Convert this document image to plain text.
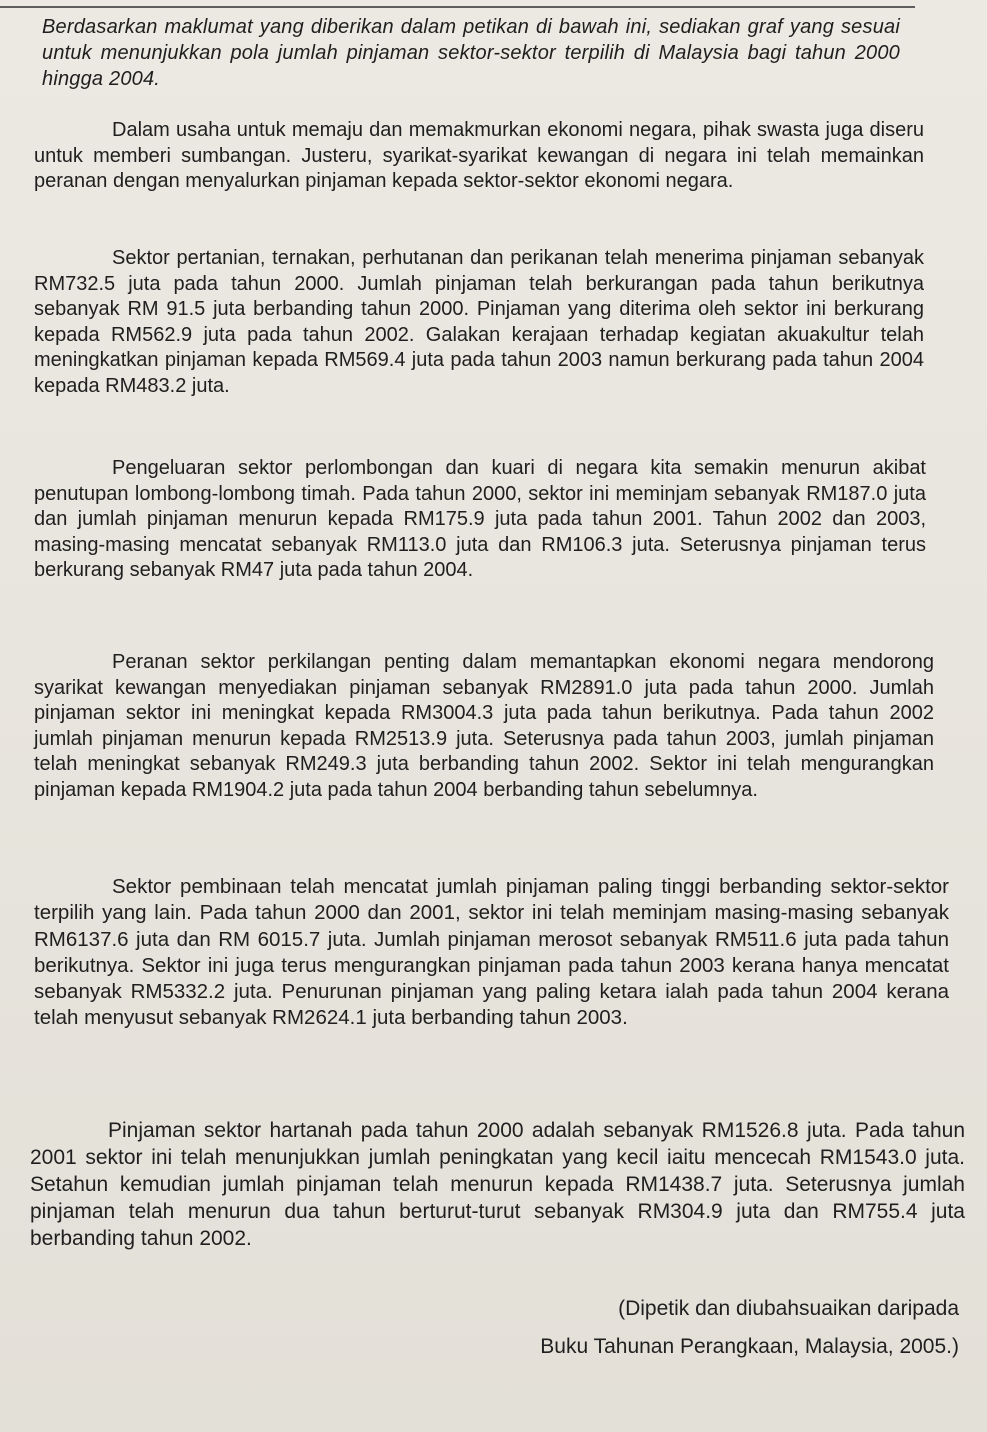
Berdasarkan maklumat yang diberikan dalam petikan di bawah ini, sediakan graf yang sesuai untuk menunjukkan pola jumlah pinjaman sektor-sektor terpilih di Malaysia bagi tahun 2000 hingga 2004.

Dalam usaha untuk memaju dan memakmurkan ekonomi negara, pihak swasta juga diseru untuk memberi sumbangan. Justeru, syarikat-syarikat kewangan di negara ini telah memainkan peranan dengan menyalurkan pinjaman kepada sektor-sektor ekonomi negara.

Sektor pertanian, ternakan, perhutanan dan perikanan telah menerima pinjaman sebanyak RM732.5 juta pada tahun 2000. Jumlah pinjaman telah berkurangan pada tahun berikutnya sebanyak RM 91.5 juta berbanding tahun 2000. Pinjaman yang diterima oleh sektor ini berkurang kepada RM562.9 juta pada tahun 2002. Galakan kerajaan terhadap kegiatan akuakultur telah meningkatkan pinjaman kepada RM569.4 juta pada tahun 2003 namun berkurang pada tahun 2004 kepada RM483.2 juta.

Pengeluaran sektor perlombongan dan kuari di negara kita semakin menurun akibat penutupan lombong-lombong timah. Pada tahun 2000, sektor ini meminjam sebanyak RM187.0 juta dan jumlah pinjaman menurun kepada RM175.9 juta pada tahun 2001. Tahun 2002 dan 2003, masing-masing mencatat sebanyak RM113.0 juta dan RM106.3 juta. Seterusnya pinjaman terus berkurang sebanyak RM47 juta pada tahun 2004.

Peranan sektor perkilangan penting dalam memantapkan ekonomi negara mendorong syarikat kewangan menyediakan pinjaman sebanyak RM2891.0 juta pada tahun 2000. Jumlah pinjaman sektor ini meningkat kepada RM3004.3 juta pada tahun berikutnya. Pada tahun 2002 jumlah pinjaman menurun kepada RM2513.9 juta. Seterusnya pada tahun 2003, jumlah pinjaman telah meningkat sebanyak RM249.3 juta berbanding tahun 2002. Sektor ini telah mengurangkan pinjaman kepada RM1904.2 juta pada tahun 2004 berbanding tahun sebelumnya.

Sektor pembinaan telah mencatat jumlah pinjaman paling tinggi berbanding sektor-sektor terpilih yang lain. Pada tahun 2000 dan 2001, sektor ini telah meminjam masing-masing sebanyak RM6137.6 juta dan RM 6015.7 juta. Jumlah pinjaman merosot sebanyak RM511.6 juta pada tahun berikutnya. Sektor ini juga terus mengurangkan pinjaman pada tahun 2003 kerana hanya mencatat sebanyak RM5332.2 juta. Penurunan pinjaman yang paling ketara ialah pada tahun 2004 kerana telah menyusut sebanyak RM2624.1 juta berbanding tahun 2003.

Pinjaman sektor hartanah pada tahun 2000 adalah sebanyak RM1526.8 juta. Pada tahun 2001 sektor ini telah menunjukkan jumlah peningkatan yang kecil iaitu mencecah RM1543.0 juta. Setahun kemudian jumlah pinjaman telah menurun kepada RM1438.7 juta. Seterusnya jumlah pinjaman telah menurun dua tahun berturut-turut sebanyak RM304.9 juta dan RM755.4 juta berbanding tahun 2002.

(Dipetik dan diubahsuaikan daripada
Buku Tahunan Perangkaan, Malaysia, 2005.)
